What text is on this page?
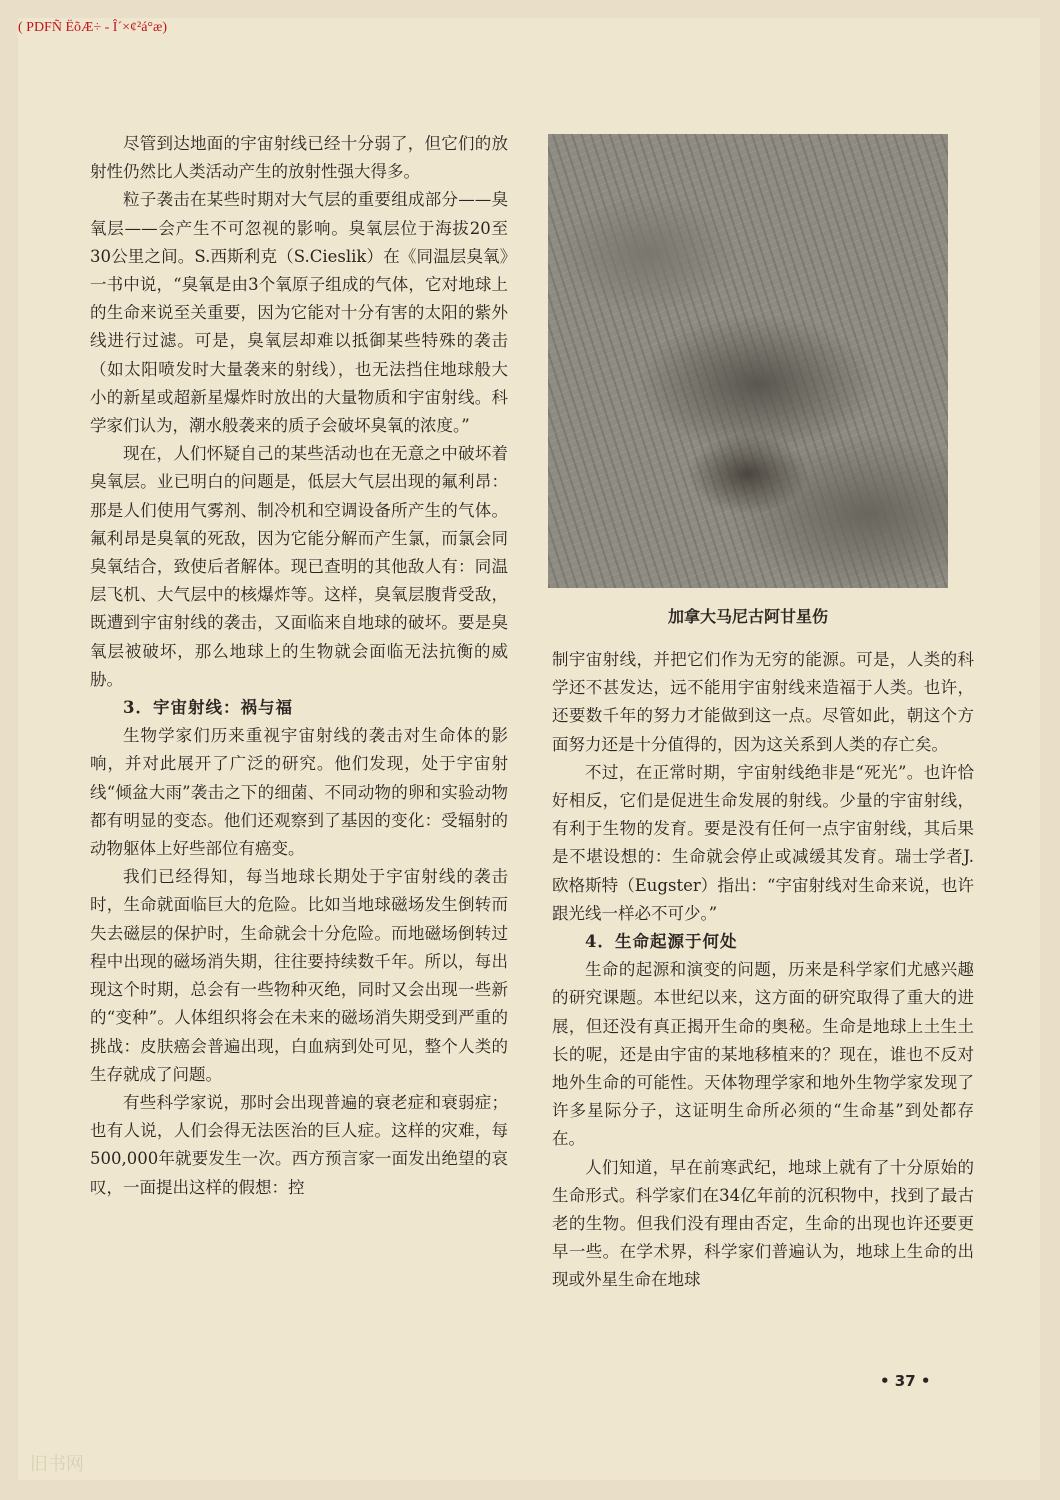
( PDFÑ ËõÆ÷ - Î´×¢²á°æ)

尽管到达地面的宇宙射线已经十分弱了，但它们的放射性仍然比人类活动产生的放射性强大得多。

粒子袭击在某些时期对大气层的重要组成部分——臭氧层——会产生不可忽视的影响。臭氧层位于海拔20至30公里之间。S.西斯利克（S.Cieslik）在《同温层臭氧》一书中说，“臭氧是由3个氧原子组成的气体，它对地球上的生命来说至关重要，因为它能对十分有害的太阳的紫外线进行过滤。可是，臭氧层却难以抵御某些特殊的袭击（如太阳喷发时大量袭来的射线），也无法挡住地球般大小的新星或超新星爆炸时放出的大量物质和宇宙射线。科学家们认为，潮水般袭来的质子会破坏臭氧的浓度。”

现在，人们怀疑自己的某些活动也在无意之中破坏着臭氧层。业已明白的问题是，低层大气层出现的氟利昂：那是人们使用气雾剂、制冷机和空调设备所产生的气体。氟利昂是臭氧的死敌，因为它能分解而产生氯，而氯会同臭氧结合，致使后者解体。现已查明的其他敌人有：同温层飞机、大气层中的核爆炸等。这样，臭氧层腹背受敌，既遭到宇宙射线的袭击，又面临来自地球的破坏。要是臭氧层被破坏，那么地球上的生物就会面临无法抗衡的威胁。

3．宇宙射线：祸与福

生物学家们历来重视宇宙射线的袭击对生命体的影响，并对此展开了广泛的研究。他们发现，处于宇宙射线“倾盆大雨”袭击之下的细菌、不同动物的卵和实验动物都有明显的变态。他们还观察到了基因的变化：受辐射的动物躯体上好些部位有癌变。

我们已经得知，每当地球长期处于宇宙射线的袭击时，生命就面临巨大的危险。比如当地球磁场发生倒转而失去磁层的保护时，生命就会十分危险。而地磁场倒转过程中出现的磁场消失期，往往要持续数千年。所以，每出现这个时期，总会有一些物种灭绝，同时又会出现一些新的“变种”。人体组织将会在未来的磁场消失期受到严重的挑战：皮肤癌会普遍出现，白血病到处可见，整个人类的生存就成了问题。

有些科学家说，那时会出现普遍的衰老症和衰弱症；也有人说，人们会得无法医治的巨人症。这样的灾难，每500,000年就要发生一次。西方预言家一面发出绝望的哀叹，一面提出这样的假想：控

加拿大马尼古阿甘星伤

制宇宙射线，并把它们作为无穷的能源。可是，人类的科学还不甚发达，远不能用宇宙射线来造福于人类。也许，还要数千年的努力才能做到这一点。尽管如此，朝这个方面努力还是十分值得的，因为这关系到人类的存亡矣。

不过，在正常时期，宇宙射线绝非是“死光”。也许恰好相反，它们是促进生命发展的射线。少量的宇宙射线，有利于生物的发育。要是没有任何一点宇宙射线，其后果是不堪设想的：生命就会停止或减缓其发育。瑞士学者J.欧格斯特（Eugster）指出：“宇宙射线对生命来说，也许跟光线一样必不可少。”

4．生命起源于何处

生命的起源和演变的问题，历来是科学家们尤感兴趣的研究课题。本世纪以来，这方面的研究取得了重大的进展，但还没有真正揭开生命的奥秘。生命是地球上土生土长的呢，还是由宇宙的某地移植来的？现在，谁也不反对地外生命的可能性。天体物理学家和地外生物学家发现了许多星际分子，这证明生命所必须的“生命基”到处都存在。

人们知道，早在前寒武纪，地球上就有了十分原始的生命形式。科学家们在34亿年前的沉积物中，找到了最古老的生物。但我们没有理由否定，生命的出现也许还要更早一些。在学术界，科学家们普遍认为，地球上生命的出现或外星生命在地球

• 37 •
旧书网
